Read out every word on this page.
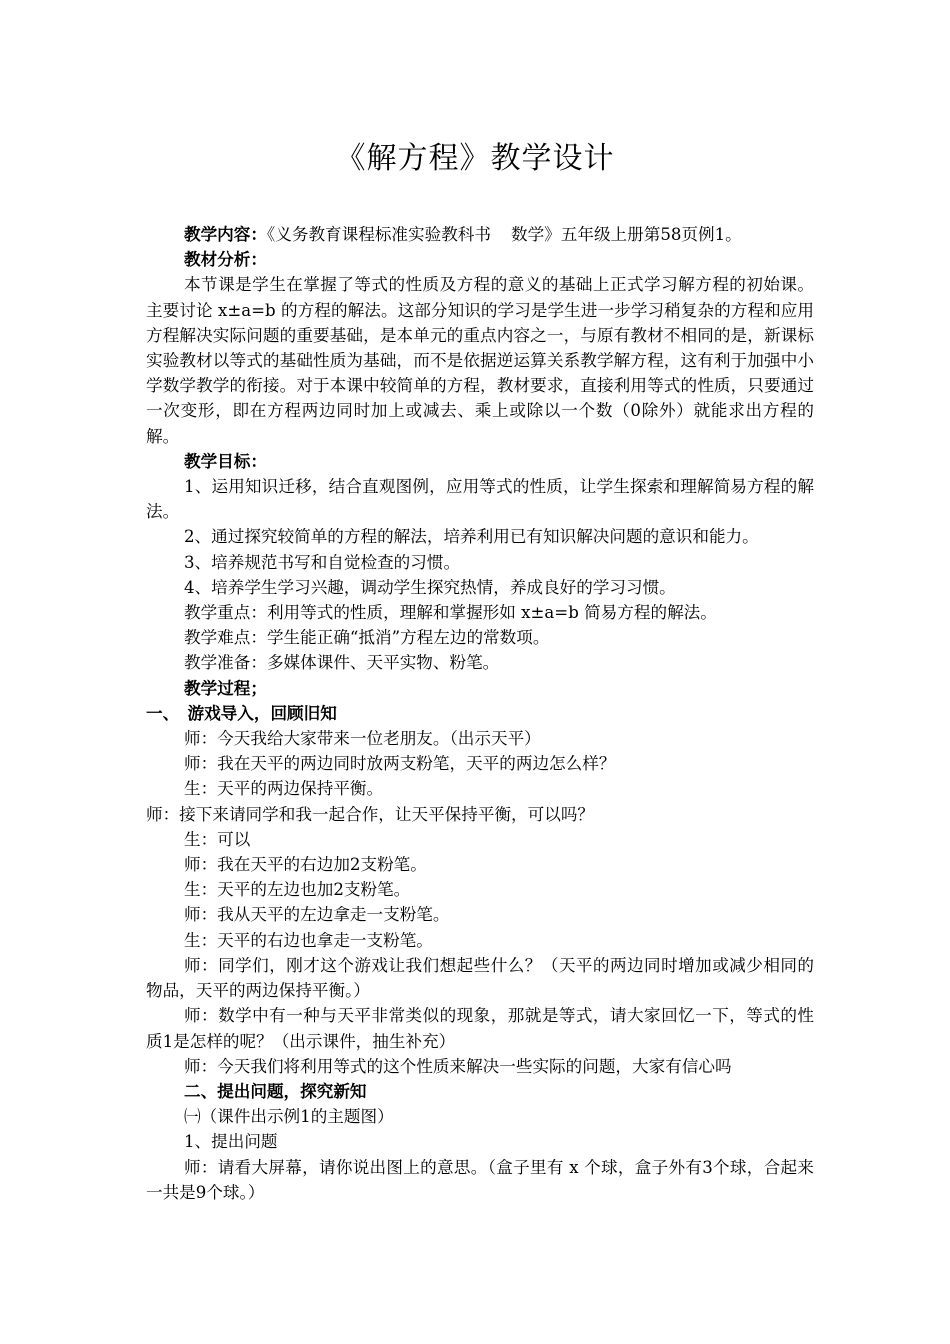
《解方程》教学设计

教学内容：《义务教育课程标准实验教科书 数学》五年级上册第58页例1。

教材分析：

本节课是学生在掌握了等式的性质及方程的意义的基础上正式学习解方程的初始课。主要讨论 x±a=b 的方程的解法。这部分知识的学习是学生进一步学习稍复杂的方程和应用方程解决实际问题的重要基础，是本单元的重点内容之一，与原有教材不相同的是，新课标实验教材以等式的基础性质为基础，而不是依据逆运算关系教学解方程，这有利于加强中小学数学教学的衔接。对于本课中较简单的方程，教材要求，直接利用等式的性质，只要通过一次变形，即在方程两边同时加上或减去、乘上或除以一个数（0除外）就能求出方程的解。

教学目标：

1、运用知识迁移，结合直观图例，应用等式的性质，让学生探索和理解简易方程的解法。

2、通过探究较简单的方程的解法，培养利用已有知识解决问题的意识和能力。

3、培养规范书写和自觉检查的习惯。

4、培养学生学习兴趣，调动学生探究热情，养成良好的学习习惯。

教学重点：利用等式的性质，理解和掌握形如 x±a=b 简易方程的解法。

教学难点：学生能正确“抵消”方程左边的常数项。

教学准备：多媒体课件、天平实物、粉笔。

教学过程；

一、　游戏导入，回顾旧知

师：今天我给大家带来一位老朋友。（出示天平）

师：我在天平的两边同时放两支粉笔，天平的两边怎么样？

生：天平的两边保持平衡。

师：接下来请同学和我一起合作，让天平保持平衡，可以吗？

生：可以

师：我在天平的右边加2支粉笔。

生：天平的左边也加2支粉笔。

师：我从天平的左边拿走一支粉笔。

生：天平的右边也拿走一支粉笔。

师：同学们，刚才这个游戏让我们想起些什么？（天平的两边同时增加或减少相同的物品，天平的两边保持平衡。）

师：数学中有一种与天平非常类似的现象，那就是等式，请大家回忆一下，等式的性质1是怎样的呢？（出示课件，抽生补充）

师：今天我们将利用等式的这个性质来解决一些实际的问题，大家有信心吗

二、提出问题，探究新知

㈠（课件出示例1的主题图）

1、提出问题

师：请看大屏幕，请你说出图上的意思。（盒子里有 x 个球，盒子外有3个球，合起来一共是9个球。）
